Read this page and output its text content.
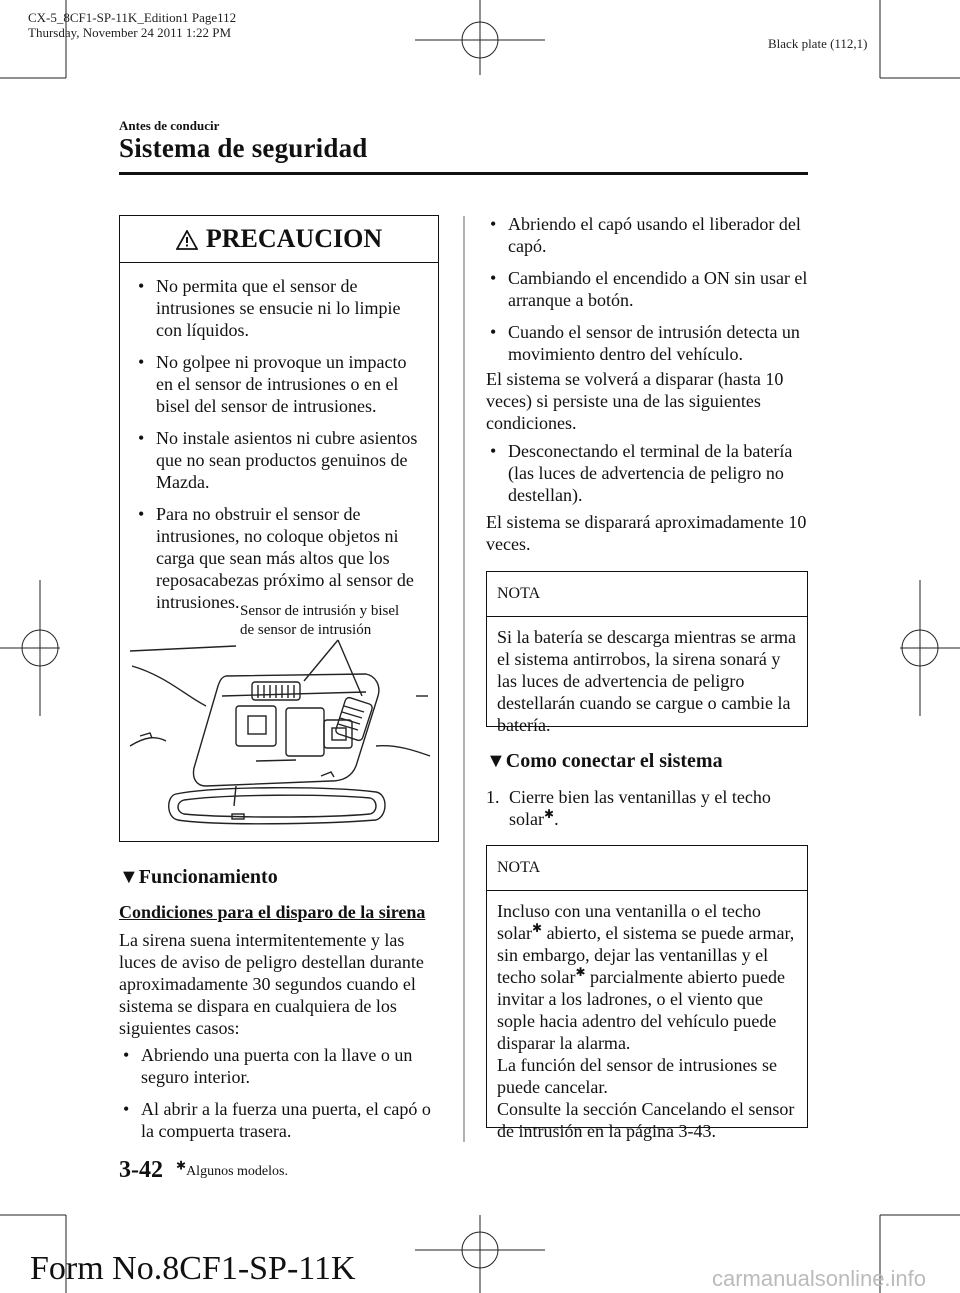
CX-5_8CF1-SP-11K_Edition1 Page112
Thursday, November 24 2011 1:22 PM
Black plate (112,1)
Antes de conducir
Sistema de seguridad
PRECAUCION
• No permita que el sensor de intrusiones se ensucie ni lo limpie con líquidos.
• No golpee ni provoque un impacto en el sensor de intrusiones o en el bisel del sensor de intrusiones.
• No instale asientos ni cubre asientos que no sean productos genuinos de Mazda.
• Para no obstruir el sensor de intrusiones, no coloque objetos ni carga que sean más altos que los reposacabezas próximo al sensor de intrusiones. Sensor de intrusión y bisel
de sensor de intrusión
▼Funcionamiento
Condiciones para el disparo de la sirena
La sirena suena intermitentemente y las luces de aviso de peligro destellan durante aproximadamente 30 segundos cuando el sistema se dispara en cualquiera de los siguientes casos:
• Abriendo una puerta con la llave o un seguro interior.
• Al abrir a la fuerza una puerta, el capó o la compuerta trasera.
• Abriendo el capó usando el liberador del capó.
• Cambiando el encendido a ON sin usar el arranque a botón.
• Cuando el sensor de intrusión detecta un movimiento dentro del vehículo.
El sistema se volverá a disparar (hasta 10 veces) si persiste una de las siguientes condiciones.
• Desconectando el terminal de la batería (las luces de advertencia de peligro no destellan).
El sistema se disparará aproximadamente 10 veces.
NOTA
Si la batería se descarga mientras se arma el sistema antirrobos, la sirena sonará y las luces de advertencia de peligro destellarán cuando se cargue o cambie la batería.
▼Como conectar el sistema
1. Cierre bien las ventanillas y el techo solar✱.
NOTA
Incluso con una ventanilla o el techo solar✱ abierto, el sistema se puede armar, sin embargo, dejar las ventanillas y el techo solar✱ parcialmente abierto puede invitar a los ladrones, o el viento que sople hacia adentro del vehículo puede disparar la alarma.
La función del sensor de intrusiones se puede cancelar.
Consulte la sección Cancelando el sensor de intrusión en la página 3-43.
3-42 ✱Algunos modelos.
Form No.8CF1-SP-11K	carmanualsonline.info
